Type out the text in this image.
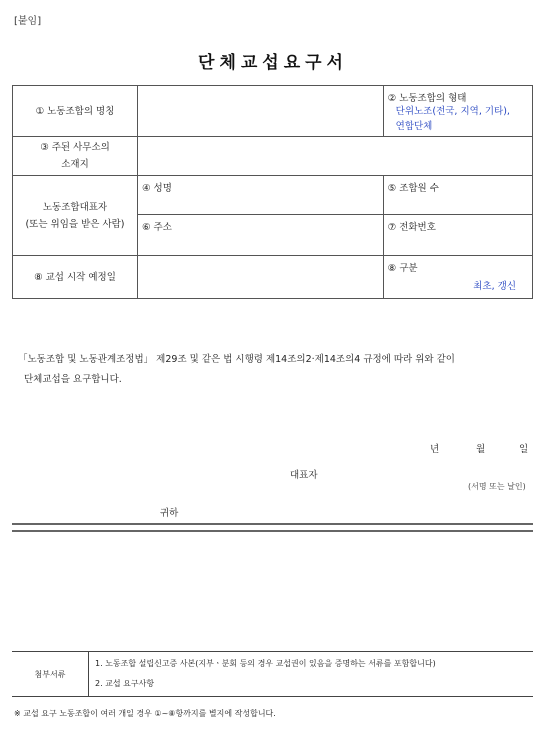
[붙임]
단체교섭요구서
① 노동조합의 명칭		② 노동조합의 형태
단위노조(전국, 지역, 기타),
연합단체

③ 주된 사무소의
소재지		

노동조합대표자
(또는 위임을 받은 사람)	④ 성명	⑤ 조합원 수
	⑥ 주소	⑦ 전화번호
⑧ 교섭 시작 예정일		⑧ 구분
최초, 갱신
「노동조합 및 노동관계조정법」 제29조 및 같은 법 시행령 제14조의2·제14조의4 규정에 따라 위와 같이
단체교섭을 요구합니다.
년	월	일
대표자
(서명 또는 날인)
귀하
첨부서류	
1. 노동조합 설립신고증 사본(지부ㆍ분회 등의 경우 교섭권이 있음을 증명하는 서류를 포함합니다)
2. 교섭 요구사항
※ 교섭 요구 노동조합이 여러 개일 경우 ①~⑧항까지를 별지에 작성합니다.
